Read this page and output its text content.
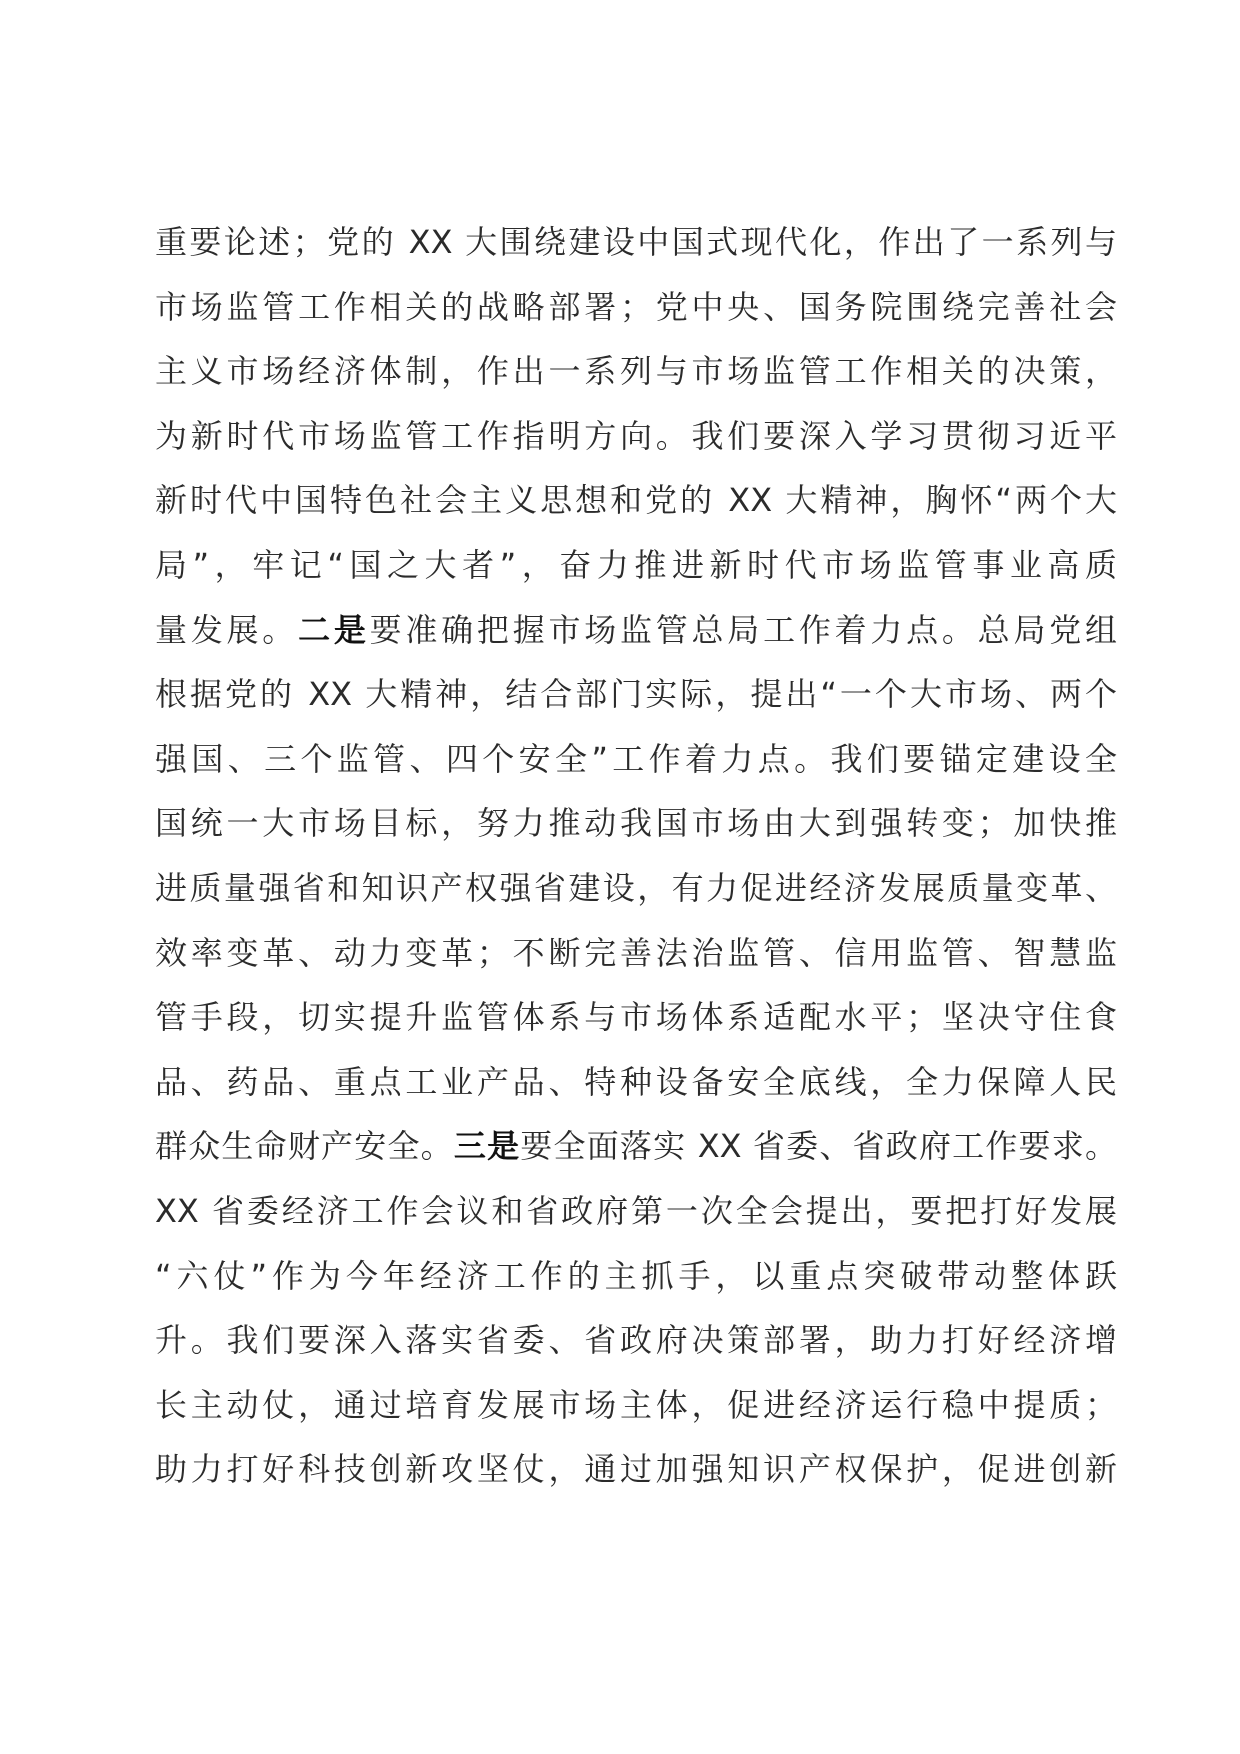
重要论述；党的 XX 大围绕建设中国式现代化，作出了一系列与
市场监管工作相关的战略部署；党中央、国务院围绕完善社会
主义市场经济体制，作出一系列与市场监管工作相关的决策，
为新时代市场监管工作指明方向。我们要深入学习贯彻习近平
新时代中国特色社会主义思想和党的 XX 大精神，胸怀“两个大
局”，牢记“国之大者”，奋力推进新时代市场监管事业高质
量发展。二是要准确把握市场监管总局工作着力点。总局党组
根据党的 XX 大精神，结合部门实际，提出“一个大市场、两个
强国、三个监管、四个安全”工作着力点。我们要锚定建设全
国统一大市场目标，努力推动我国市场由大到强转变；加快推
进质量强省和知识产权强省建设，有力促进经济发展质量变革、
效率变革、动力变革；不断完善法治监管、信用监管、智慧监
管手段，切实提升监管体系与市场体系适配水平；坚决守住食
品、药品、重点工业产品、特种设备安全底线，全力保障人民
群众生命财产安全。三是要全面落实 XX 省委、省政府工作要求。
XX 省委经济工作会议和省政府第一次全会提出，要把打好发展
“六仗”作为今年经济工作的主抓手，以重点突破带动整体跃
升。我们要深入落实省委、省政府决策部署，助力打好经济增
长主动仗，通过培育发展市场主体，促进经济运行稳中提质；
助力打好科技创新攻坚仗，通过加强知识产权保护，促进创新
